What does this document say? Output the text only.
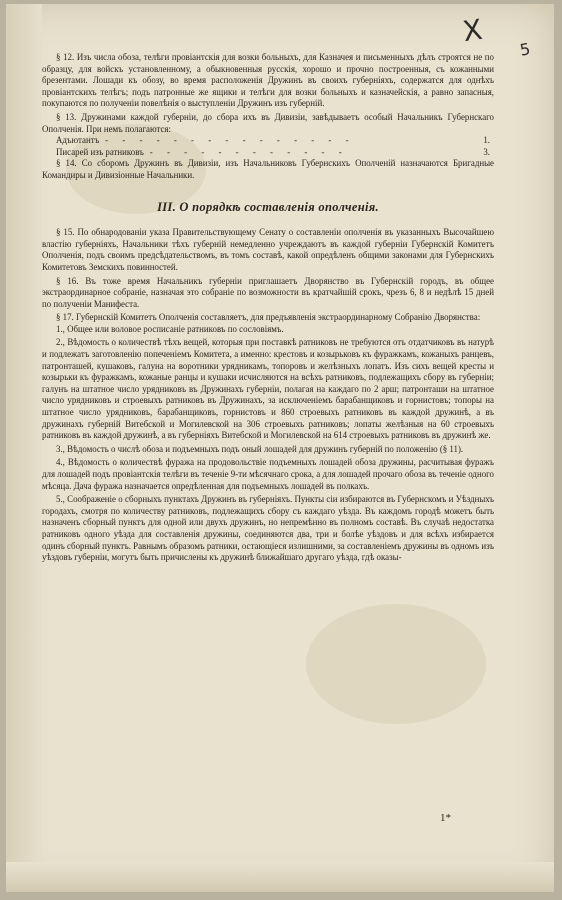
X
5

§ 12. Изъ числа обоза, телѣги провіантскія для возки больныхъ, для Казначея и письменныхъ дѣлъ строятся не по образцу, для войскъ установленному, а обыкновенныя русскія, хорошо и прочно построенныя, съ кожанными брезентами. Лошади къ обозу, во время расположенія Дружинъ въ своихъ губерніяхъ, содержатся для однѣхъ провіантскихъ телѣгъ; подъ патронные же ящики и телѣги для возки больныхъ и казначейскія, а равно запасныя, покупаются по полученіи повелѣнія о выступленіи Дружинъ изъ губерній.

§ 13. Дружинами каждой губерніи, до сбора ихъ въ Дивизіи, завѣдываетъ особый Начальникъ Губернскаго Ополченія. При немъ полагаются:

Адъютантъ - - - - - - - - - - - - - - -	1.
Писарей изъ ратниковъ - - - - - - - - - - - -	3.

§ 14. Со сборомъ Дружинъ въ Дивизіи, изъ Начальниковъ Губернскихъ Ополченій назначаются Бригадные Командиры и Дивизіонные Начальники.

III. О порядкѣ составленія ополченія.

§ 15. По обнародованіи указа Правительствующему Сенату о составленіи ополченія въ указанныхъ Высочайшею властію губерніяхъ, Начальники тѣхъ губерній немедленно учреждаютъ въ каждой губерніи Губернскій Комитетъ Ополченія, подъ своимъ предсѣдательствомъ, въ томъ составѣ, какой опредѣленъ общими законами для Губернскихъ Комитетовъ Земскихъ повинностей.

§ 16. Въ тоже время Начальникъ губерніи приглашаетъ Дворянство въ Губернскій городъ, въ общее экстраординарное собраніе, назначая это собраніе по возможности въ кратчайшій срокъ, чрезъ 6, 8 и недѣлѣ 15 дней по полученіи Манифеста.

§ 17. Губернскій Комитетъ Ополченія составляетъ, для предъявленія экстраординарному Собранію Дворянства:

1., Общее или воловое росписаніе ратниковъ по сословіямъ.

2., Вѣдомость о количествѣ тѣхъ вещей, которыя при поставкѣ ратниковъ не требуются отъ отдатчиковъ въ натурѣ и подлежатъ заготовленію попеченіемъ Комитета, а именно: крестовъ и козырьковъ къ фуражкамъ, кожаныхъ ранцевъ, патронташей, кушаковъ, галуна на воротники урядникамъ, топоровъ и желѣзныхъ лопатъ. Изъ сихъ вещей кресты и козырьки къ фуражкамъ, кожаные ранцы и кушаки исчисляются на всѣхъ ратниковъ, подлежащихъ сбору въ губерніи; галунъ на штатное число урядниковъ въ Дружинахъ губерніи, полагая на каждаго по 2 арш; патронташи на штатное число урядниковъ и строевыхъ ратниковъ въ Дружинахъ, за исключеніемъ барабанщиковъ и горнистовъ; топоры на штатное число урядниковъ, барабанщиковъ, горнистовъ и 860 строевыхъ ратниковъ въ каждой дружинѣ, а въ дружинахъ губерній Витебской и Могилевской на 306 строевыхъ ратниковъ; лопаты желѣзныя на 60 строевыхъ ратниковъ въ каждой дружинѣ, а въ губерніяхъ Витебской и Могилевской на 614 строевыхъ ратниковъ въ дружинѣ же.

3., Вѣдомость о числѣ обоза и подъемныхъ подъ оный лошадей для дружинъ губерній по положенію (§ 11).

4., Вѣдомость о количествѣ фуража на продовольствіе подъемныхъ лошадей обоза дружины, расчитывая фуражъ для лошадей подъ провіантскія телѣги въ теченіе 9-ти мѣсячнаго срока, а для лошадей прочаго обоза въ теченіе одного мѣсяца. Дача фуража назначается опредѣленная для подъемныхъ лошадей въ полкахъ.

5., Соображеніе о сборныхъ пунктахъ Дружинъ въ губерніяхъ. Пункты сіи избираются въ Губернскомъ и Уѣздныхъ городахъ, смотря по количеству ратниковъ, подлежащихъ сбору съ каждаго уѣзда. Въ каждомъ городѣ можетъ быть назначенъ сборный пунктъ для одной или двухъ дружинъ, но непремѣнно въ полномъ составѣ. Въ случаѣ недостатка ратниковъ одного уѣзда для составленія дружины, соединяются два, три и болѣе уѣздовъ и для всѣхъ избирается одинъ сборный пунктъ. Равнымъ образомъ ратники, остающіеся излишними, за составленіемъ дружины въ одномъ изъ уѣздовъ губерніи, могутъ быть причислены къ дружинѣ ближайшаго другаго уѣзда, гдѣ оказы-

1*
